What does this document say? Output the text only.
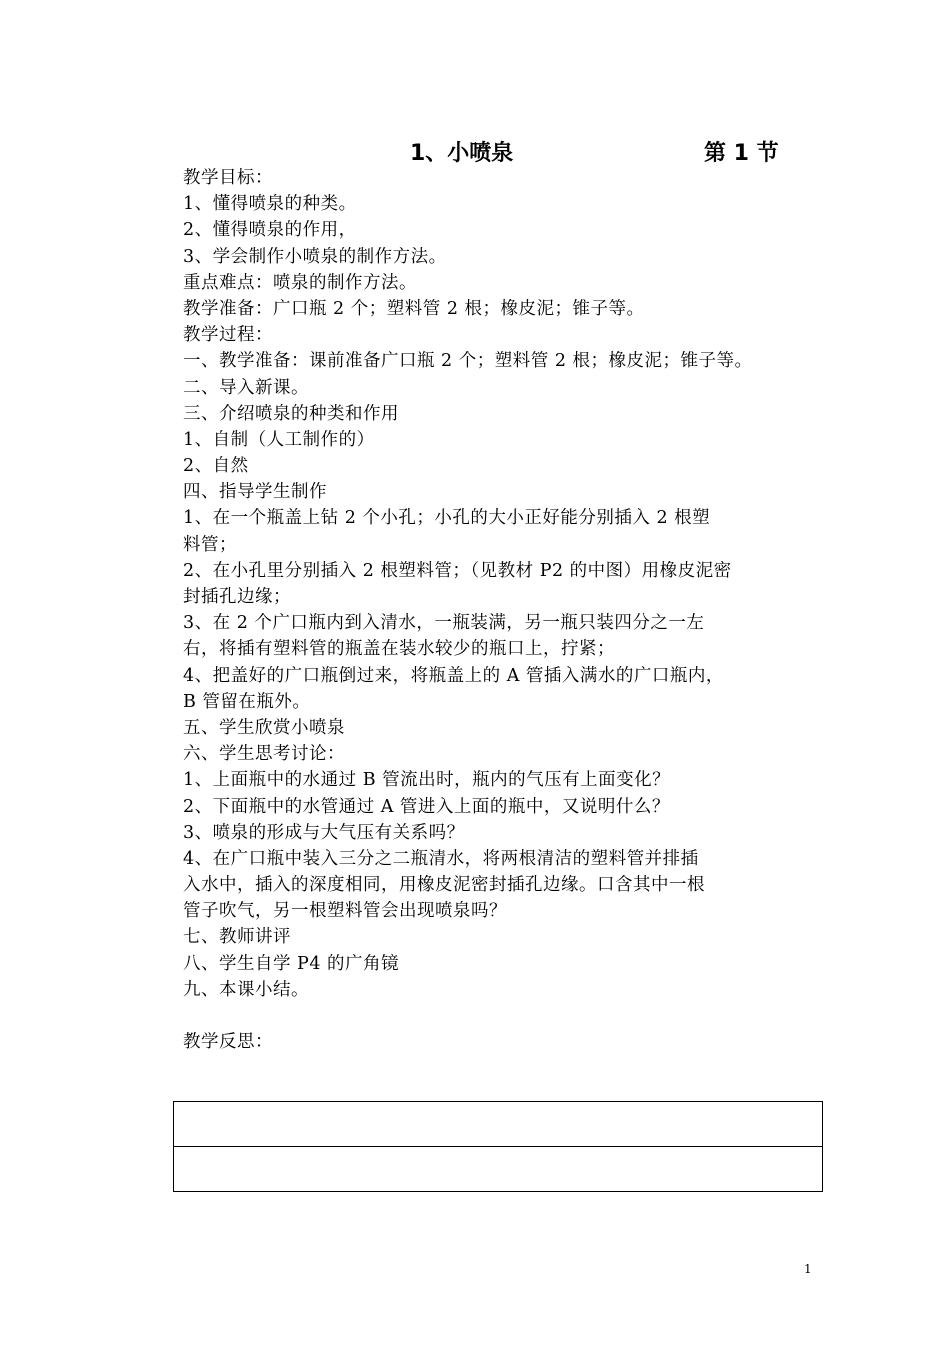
1、小喷泉	第 1 节
教学目标：
1、懂得喷泉的种类。
2、懂得喷泉的作用，
3、学会制作小喷泉的制作方法。
重点难点：喷泉的制作方法。
教学准备：广口瓶 2 个；塑料管 2 根；橡皮泥；锥子等。
教学过程：
一、教学准备：课前准备广口瓶 2 个；塑料管 2 根；橡皮泥；锥子等。
二、导入新课。
三、介绍喷泉的种类和作用
1、自制（人工制作的）
2、自然
四、指导学生制作
1、在一个瓶盖上钻 2 个小孔；小孔的大小正好能分别插入 2 根塑
料管；
2、在小孔里分别插入 2 根塑料管；（见教材 P2 的中图）用橡皮泥密
封插孔边缘；
3、在 2 个广口瓶内到入清水，一瓶装满，另一瓶只装四分之一左
右，将插有塑料管的瓶盖在装水较少的瓶口上，拧紧；
4、把盖好的广口瓶倒过来，将瓶盖上的 A 管插入满水的广口瓶内，
B 管留在瓶外。
五、学生欣赏小喷泉
六、学生思考讨论：
1、上面瓶中的水通过 B 管流出时，瓶内的气压有上面变化？
2、下面瓶中的水管通过 A 管进入上面的瓶中，又说明什么？
3、喷泉的形成与大气压有关系吗？
4、在广口瓶中装入三分之二瓶清水，将两根清洁的塑料管并排插
入水中，插入的深度相同，用橡皮泥密封插孔边缘。口含其中一根
管子吹气，另一根塑料管会出现喷泉吗？
七、教师讲评
八、学生自学 P4 的广角镜
九、本课小结。
教学反思：

1
